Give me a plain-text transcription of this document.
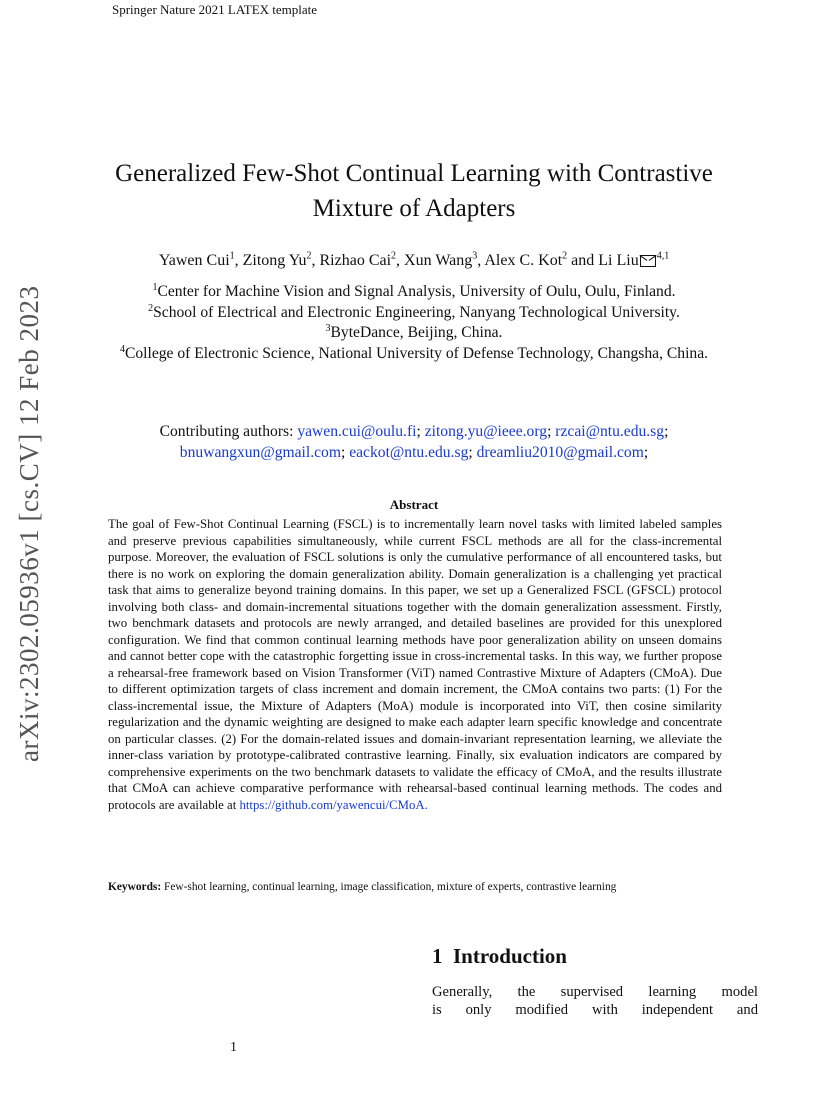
Springer Nature 2021 LATEX template
arXiv:2302.05936v1 [cs.CV] 12 Feb 2023
Generalized Few-Shot Continual Learning with Contrastive
Mixture of Adapters
Yawen Cui$^1$, Zitong Yu$^2$, Rizhao Cai$^2$, Xun Wang$^3$, Alex C. Kot$^2$ and Li Liu $^{4,1}$
$^1$Center for Machine Vision and Signal Analysis, University of Oulu, Oulu, Finland.
$^2$School of Electrical and Electronic Engineering, Nanyang Technological University.
$^3$ByteDance, Beijing, China.
$^4$College of Electronic Science, National University of Defense Technology, Changsha, China.
Contributing authors: yawen.cui@oulu.fi; zitong.yu@ieee.org; rzcai@ntu.edu.sg; bnuwangxun@gmail.com; eackot@ntu.edu.sg; dreamliu2010@gmail.com;
Abstract
The goal of Few-Shot Continual Learning (FSCL) is to incrementally learn novel tasks with limited labeled samples and preserve previous capabilities simultaneously, while current FSCL methods are all for the class-incremental purpose. Moreover, the evaluation of FSCL solutions is only the cumulative performance of all encountered tasks, but there is no work on exploring the domain generalization ability. Domain generalization is a challenging yet practical task that aims to generalize beyond training domains. In this paper, we set up a Generalized FSCL (GFSCL) protocol involving both class- and domain-incremental situations together with the domain generalization assessment. Firstly, two benchmark datasets and protocols are newly arranged, and detailed baselines are provided for this unexplored configuration. We find that common continual learning methods have poor generalization ability on unseen domains and cannot better cope with the catastrophic forgetting issue in cross-incremental tasks. In this way, we further propose a rehearsal-free framework based on Vision Transformer (ViT) named Contrastive Mixture of Adapters (CMoA). Due to different optimization targets of class increment and domain increment, the CMoA contains two parts: (1) For the class-incremental issue, the Mixture of Adapters (MoA) module is incorporated into ViT, then cosine similarity regularization and the dynamic weighting are designed to make each adapter learn specific knowledge and concentrate on particular classes. (2) For the domain-related issues and domain-invariant representation learning, we alleviate the inner-class variation by prototype-calibrated contrastive learning. Finally, six evaluation indicators are compared by comprehensive experiments on the two benchmark datasets to validate the efficacy of CMoA, and the results illustrate that CMoA can achieve comparative performance with rehearsal-based continual learning methods. The codes and protocols are available at https://github.com/yawencui/CMoA.
Keywords: Few-shot learning, continual learning, image classification, mixture of experts, contrastive learning
1 Introduction
Generally, the supervised learning model
is only modified with independent and
1
